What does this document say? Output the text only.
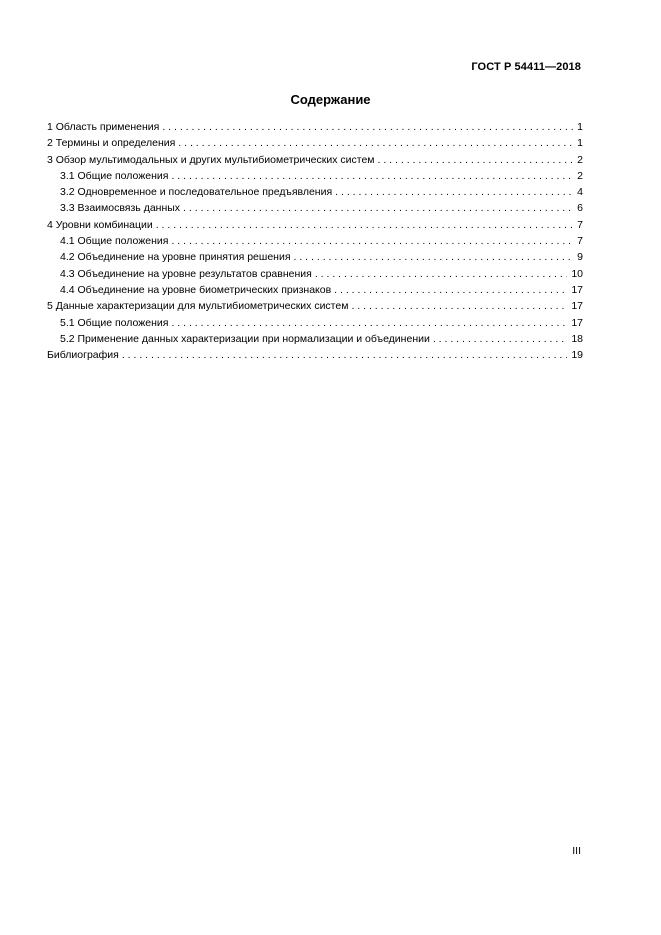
ГОСТ Р 54411—2018
Содержание
1 Область применения . . .	1
2 Термины и определения . . .	1
3 Обзор мультимодальных и других мультибиометрических систем . . .	2
3.1 Общие положения . . .	2
3.2 Одновременное и последовательное предъявления . . .	4
3.3 Взаимосвязь данных . . .	6
4 Уровни комбинации . . .	7
4.1 Общие положения . . .	7
4.2 Объединение на уровне принятия решения . . .	9
4.3 Объединение на уровне результатов сравнения . . .	10
4.4 Объединение на уровне биометрических признаков . . .	17
5 Данные характеризации для мультибиометрических систем . . .	17
5.1 Общие положения . . .	17
5.2 Применение данных характеризации при нормализации и объединении . . .	18
Библиография . . .	19
III
